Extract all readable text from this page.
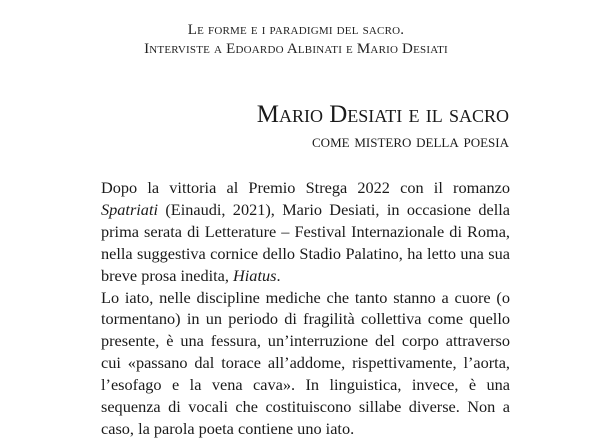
Le forme e i paradigmi del sacro.
Interviste a Edoardo Albinati e Mario Desiati
Mario Desiati e il sacro
come mistero della poesia

Dopo la vittoria al Premio Strega 2022 con il romanzo Spatriati (Einaudi, 2021), Mario Desiati, in occasione della prima serata di Letterature – Festival Internazionale di Roma, nella suggestiva cornice dello Stadio Palatino, ha letto una sua breve prosa inedita, Hiatus.

Lo iato, nelle discipline mediche che tanto stanno a cuore (o tormentano) in un periodo di fragilità collettiva come quello presente, è una fessura, un’interruzione del corpo attraverso cui «passano dal torace all’addome, rispettivamente, l’aorta, l’esofago e la vena cava». In linguistica, invece, è una sequenza di vocali che costituiscono sillabe diverse. Non a caso, la parola poeta contiene uno iato.
